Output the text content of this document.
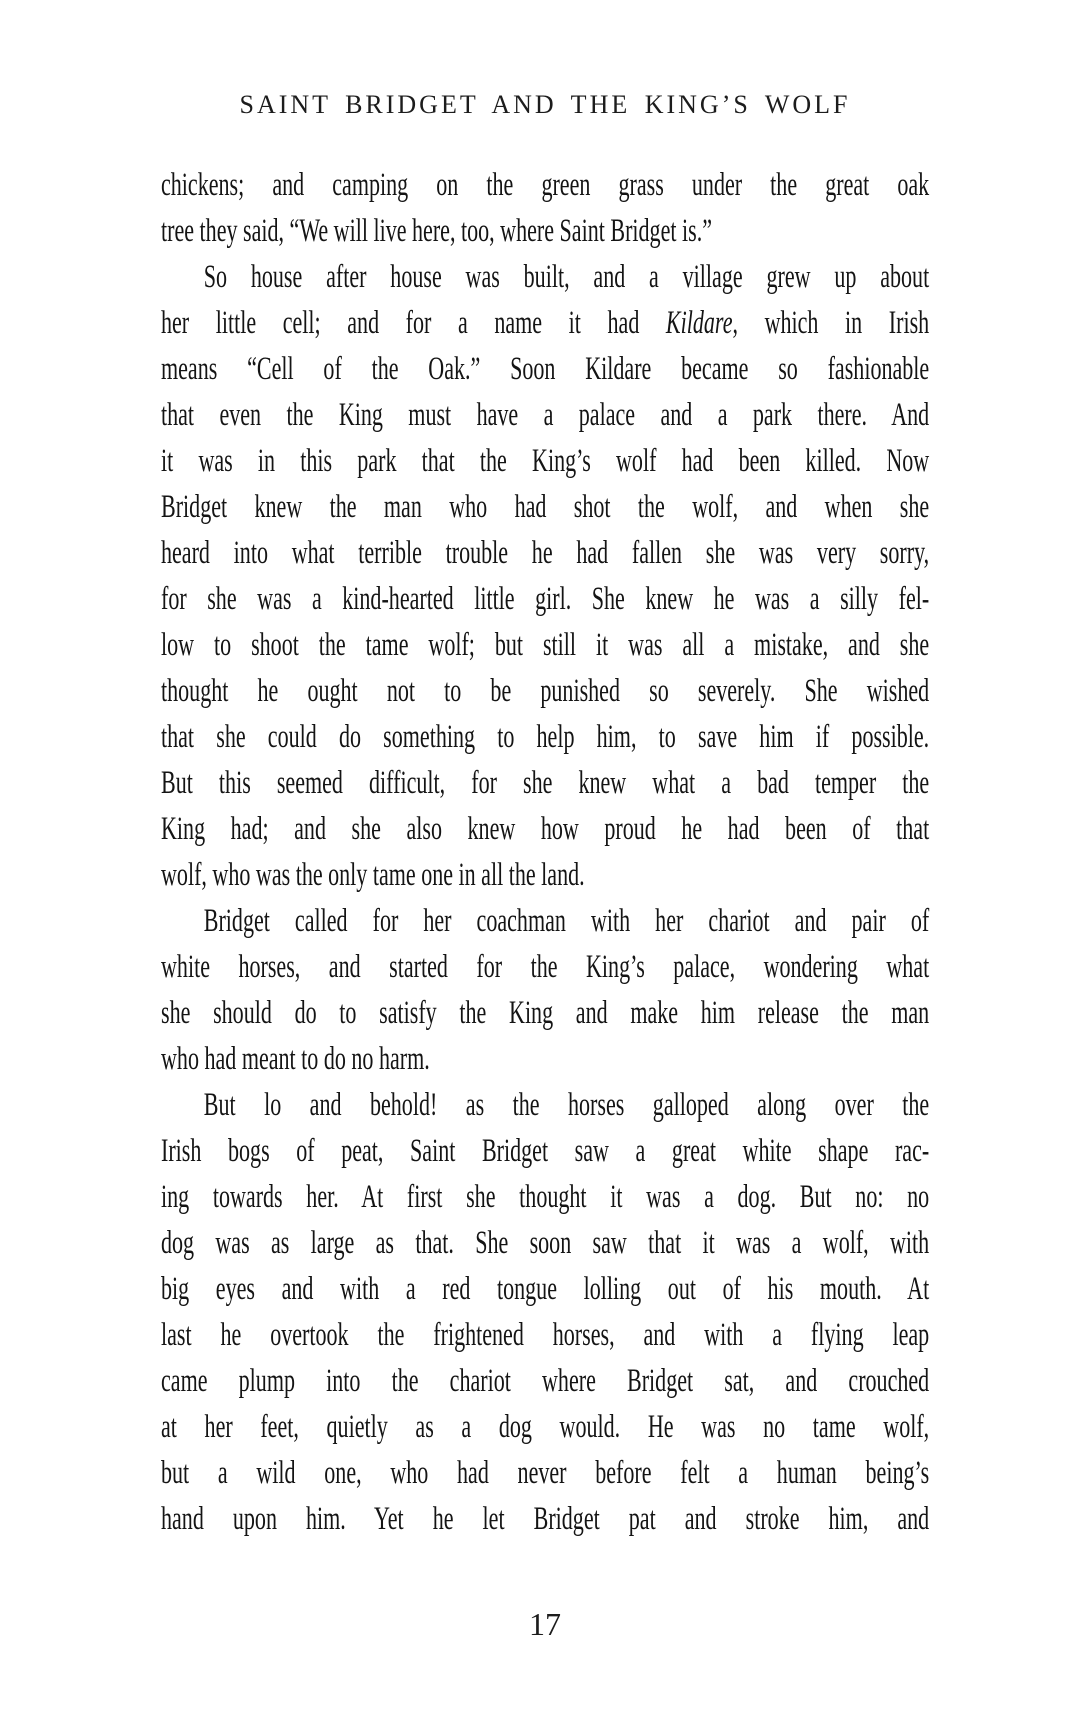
SAINT BRIDGET AND THE KING’S WOLF
chickens; and camping on the green grass under the great oak
tree they said, “We will live here, too, where Saint Bridget is.”
So house after house was built, and a village grew up about
her little cell; and for a name it had Kildare, which in Irish
means “Cell of the Oak.” Soon Kildare became so fashionable
that even the King must have a palace and a park there. And
it was in this park that the King’s wolf had been killed. Now
Bridget knew the man who had shot the wolf, and when she
heard into what terrible trouble he had fallen she was very sorry,
for she was a kind-hearted little girl. She knew he was a silly fel-
low to shoot the tame wolf; but still it was all a mistake, and she
thought he ought not to be punished so severely. She wished
that she could do something to help him, to save him if possible.
But this seemed difficult, for she knew what a bad temper the
King had; and she also knew how proud he had been of that
wolf, who was the only tame one in all the land.
Bridget called for her coachman with her chariot and pair of
white horses, and started for the King’s palace, wondering what
she should do to satisfy the King and make him release the man
who had meant to do no harm.
But lo and behold! as the horses galloped along over the
Irish bogs of peat, Saint Bridget saw a great white shape rac-
ing towards her. At first she thought it was a dog. But no: no
dog was as large as that. She soon saw that it was a wolf, with
big eyes and with a red tongue lolling out of his mouth. At
last he overtook the frightened horses, and with a flying leap
came plump into the chariot where Bridget sat, and crouched
at her feet, quietly as a dog would. He was no tame wolf,
but a wild one, who had never before felt a human being’s
hand upon him. Yet he let Bridget pat and stroke him, and
17
